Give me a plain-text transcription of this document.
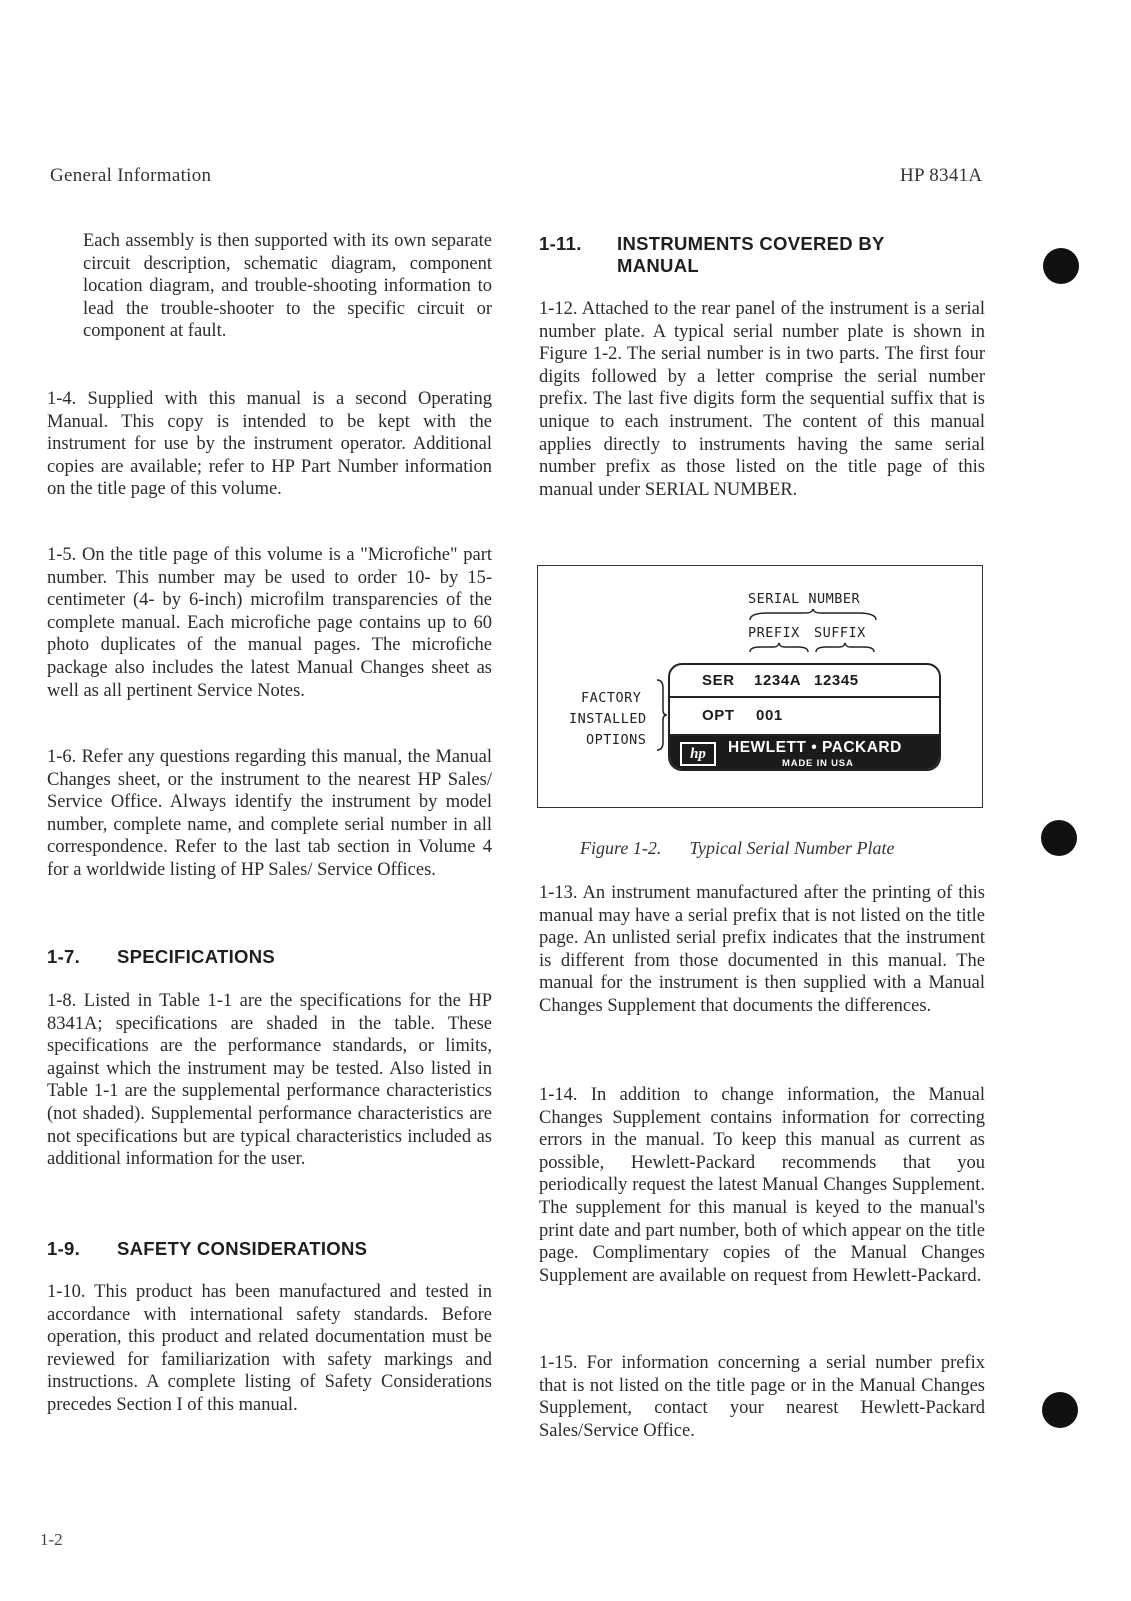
General Information	HP 8341A

Each assembly is then supported with its own separate circuit description, schematic diagram, component location diagram, and trouble-shooting information to lead the trouble-shooter to the specific circuit or component at fault.

1-4. Supplied with this manual is a second Operating Manual. This copy is intended to be kept with the instrument for use by the instrument operator. Additional copies are available; refer to HP Part Number information on the title page of this volume.

1-5. On the title page of this volume is a "Microfiche" part number. This number may be used to order 10- by 15- centimeter (4- by 6-inch) microfilm transparencies of the complete manual. Each microfiche page contains up to 60 photo duplicates of the manual pages. The microfiche package also includes the latest Manual Changes sheet as well as all pertinent Service Notes.

1-6. Refer any questions regarding this manual, the Manual Changes sheet, or the instrument to the nearest HP Sales/ Service Office. Always identify the instrument by model number, complete name, and complete serial number in all correspondence. Refer to the last tab section in Volume 4 for a worldwide listing of HP Sales/ Service Offices.

1-7. SPECIFICATIONS

1-8. Listed in Table 1-1 are the specifications for the HP 8341A; specifications are shaded in the table. These specifications are the performance standards, or limits, against which the instrument may be tested. Also listed in Table 1-1 are the supplemental performance characteristics (not shaded). Supplemental performance characteristics are not specifications but are typical characteristics included as additional information for the user.

1-9. SAFETY CONSIDERATIONS

1-10. This product has been manufactured and tested in accordance with international safety standards. Before operation, this product and related documentation must be reviewed for familiarization with safety markings and instructions. A complete listing of Safety Considerations precedes Section I of this manual.

1-11. INSTRUMENTS COVERED BY
MANUAL

1-12. Attached to the rear panel of the instrument is a serial number plate. A typical serial number plate is shown in Figure 1-2. The serial number is in two parts. The first four digits followed by a letter comprise the serial number prefix. The last five digits form the sequential suffix that is unique to each instrument. The content of this manual applies directly to instruments having the same serial number prefix as those listed on the title page of this manual under SERIAL NUMBER.

1-13. An instrument manufactured after the printing of this manual may have a serial prefix that is not listed on the title page. An unlisted serial prefix indicates that the instrument is different from those documented in this manual. The manual for the instrument is then supplied with a Manual Changes Supplement that documents the differences.

1-14. In addition to change information, the Manual Changes Supplement contains information for correcting errors in the manual. To keep this manual as current as possible, Hewlett-Packard recommends that you periodically request the latest Manual Changes Supplement. The supplement for this manual is keyed to the manual's print date and part number, both of which appear on the title page. Complimentary copies of the Manual Changes Supplement are available on request from Hewlett-Packard.

1-15. For information concerning a serial number prefix that is not listed on the title page or in the Manual Changes Supplement, contact your nearest Hewlett-Packard Sales/Service Office.

SERIAL NUMBER
PREFIX SUFFIX
FACTORY
INSTALLED
OPTIONS
SER 1234A 12345
OPT 001
hp	HEWLETT • PACKARD
MADE IN USA
Figure 1-2. Typical Serial Number Plate
1-2
